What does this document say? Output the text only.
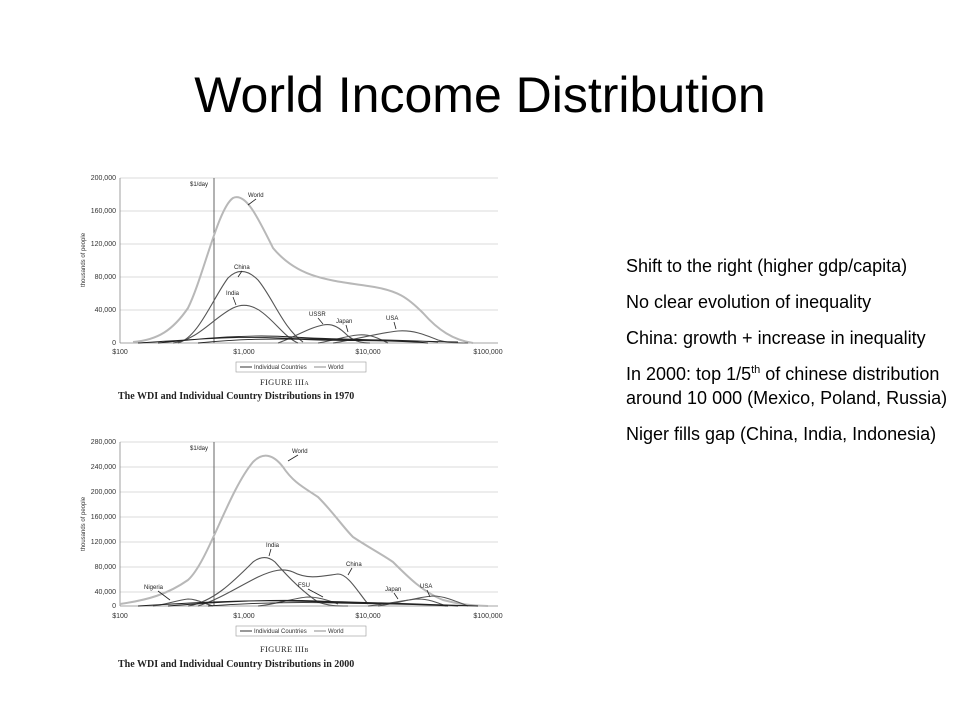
World Income Distribution
200,000
160,000
120,000
80,000
40,000
0
thousands of people
$100	$1,000	$10,000	$100,000
$1/day
World
China
India
USSR
Japan	USA
Individual Countries	World
FIGURE IIIa
The WDI and Individual Country Distributions in 1970
280,000
240,000
200,000
160,000
120,000
80,000
40,000
0
thousands of people
$100	$1,000	$10,000	$100,000
$1/day	World
India
China
FSU
Nigeria	Japan	USA
Individual Countries	World
FIGURE IIIb
The WDI and Individual Country Distributions in 2000
Shift to the right (higher gdp/capita)
No clear evolution of inequality
China: growth + increase in inequality
In 2000: top 1/5th of chinese distribution around 10 000 (Mexico, Poland, Russia)
Niger fills gap (China, India, Indonesia)
